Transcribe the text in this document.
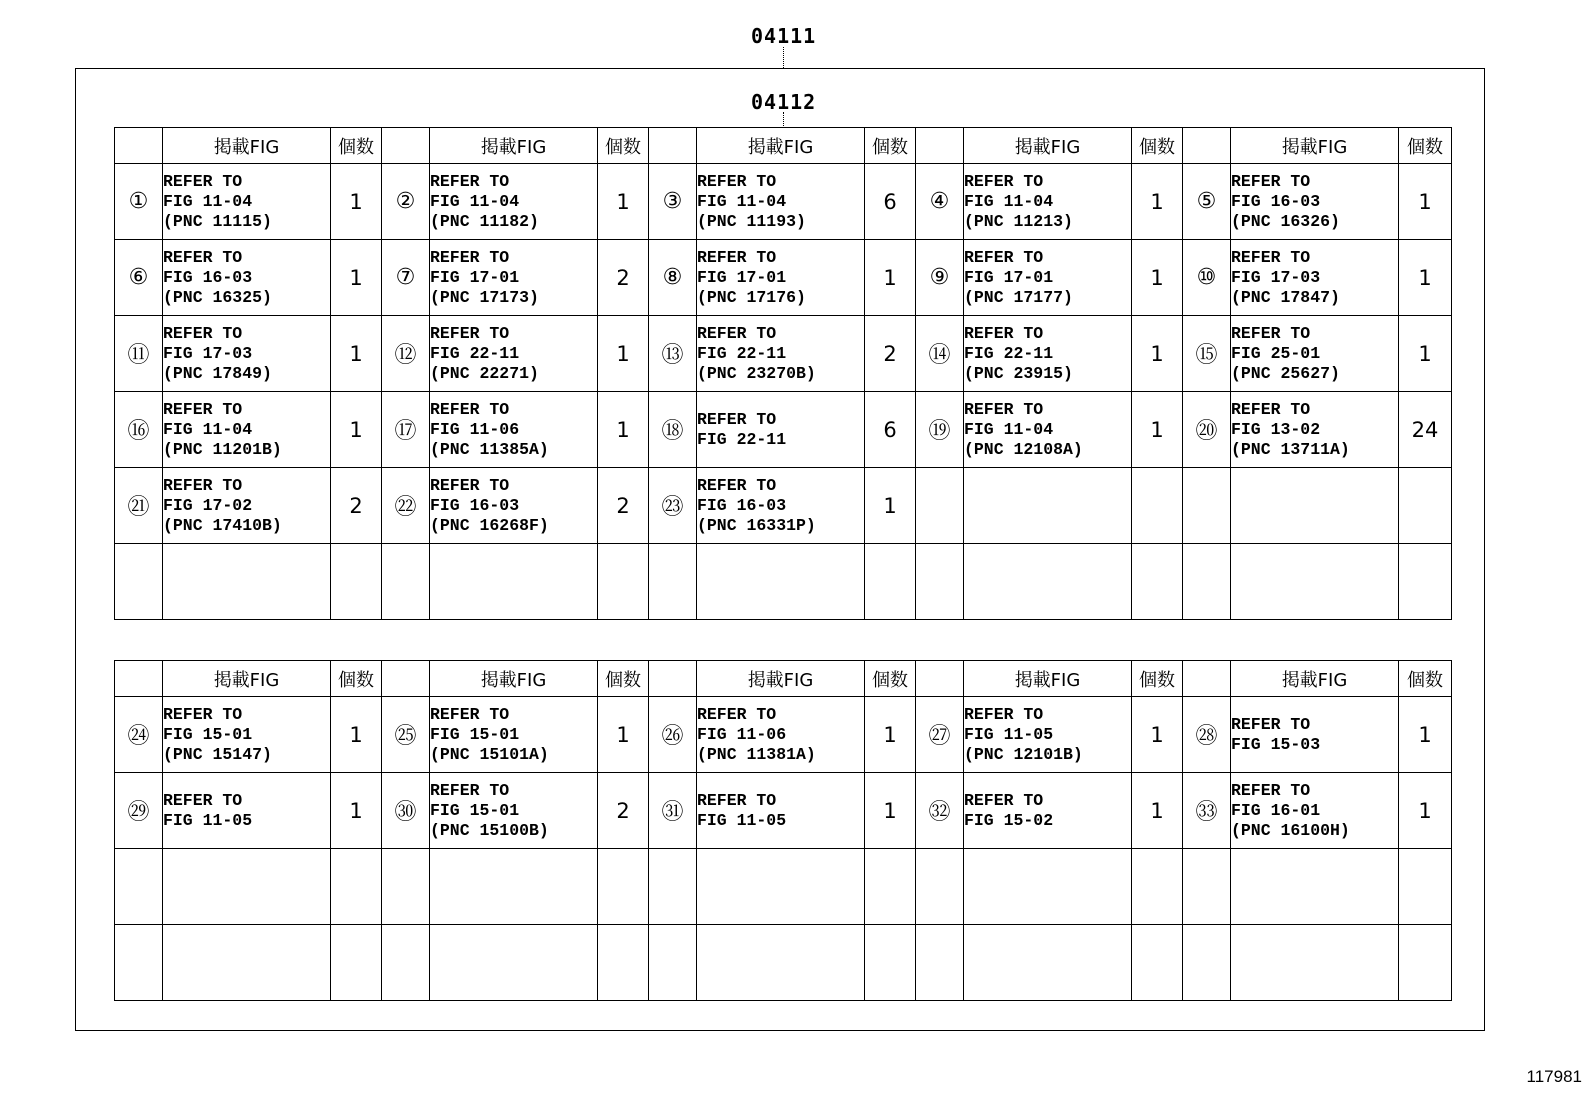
04111
04112
	掲載FIG	個数		掲載FIG	個数		掲載FIG	個数		掲載FIG	個数		掲載FIG	個数
①	REFER TO
FIG 11-04
(PNC 11115)	1	②	REFER TO
FIG 11-04
(PNC 11182)	1	③	REFER TO
FIG 11-04
(PNC 11193)	6	④	REFER TO
FIG 11-04
(PNC 11213)	1	⑤	REFER TO
FIG 16-03
(PNC 16326)	1
⑥	REFER TO
FIG 16-03
(PNC 16325)	1	⑦	REFER TO
FIG 17-01
(PNC 17173)	2	⑧	REFER TO
FIG 17-01
(PNC 17176)	1	⑨	REFER TO
FIG 17-01
(PNC 17177)	1	⑩	REFER TO
FIG 17-03
(PNC 17847)	1
⑪	REFER TO
FIG 17-03
(PNC 17849)	1	⑫	REFER TO
FIG 22-11
(PNC 22271)	1	⑬	REFER TO
FIG 22-11
(PNC 23270B)	2	⑭	REFER TO
FIG 22-11
(PNC 23915)	1	⑮	REFER TO
FIG 25-01
(PNC 25627)	1
⑯	REFER TO
FIG 11-04
(PNC 11201B)	1	⑰	REFER TO
FIG 11-06
(PNC 11385A)	1	⑱	REFER TO
FIG 22-11	6	⑲	REFER TO
FIG 11-04
(PNC 12108A)	1	⑳	REFER TO
FIG 13-02
(PNC 13711A)	24
㉑	REFER TO
FIG 17-02
(PNC 17410B)	2	㉒	REFER TO
FIG 16-03
(PNC 16268F)	2	㉓	REFER TO
FIG 16-03
(PNC 16331P)	1						

	掲載FIG	個数		掲載FIG	個数		掲載FIG	個数		掲載FIG	個数		掲載FIG	個数
㉔	REFER TO
FIG 15-01
(PNC 15147)	1	㉕	REFER TO
FIG 15-01
(PNC 15101A)	1	㉖	REFER TO
FIG 11-06
(PNC 11381A)	1	㉗	REFER TO
FIG 11-05
(PNC 12101B)	1	㉘	REFER TO
FIG 15-03	1
㉙	REFER TO
FIG 11-05	1	㉚	REFER TO
FIG 15-01
(PNC 15100B)	2	㉛	REFER TO
FIG 11-05	1	㉜	REFER TO
FIG 15-02	1	㉝	REFER TO
FIG 16-01
(PNC 16100H)	1

117981
